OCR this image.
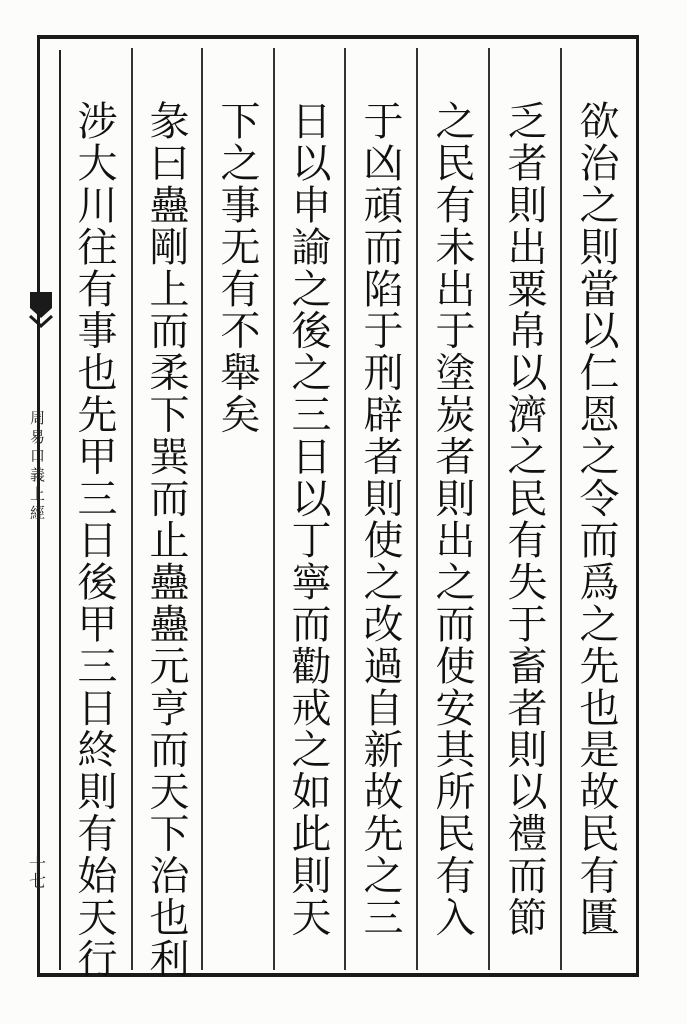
周易口義上經
十七	欲治之則當以仁恩之令而爲之先也是故民有匱
乏者則出粟帛以濟之民有失于畜者則以禮而節
之民有未出于塗炭者則出之而使安其所民有入
于凶頑而陷于刑辟者則使之改過自新故先之三
日以申諭之後之三日以丁寧而勸戒之如此則天
下之事无有不舉矣
彖曰蠱剛上而柔下巽而止蠱蠱元亨而天下治也利
涉大川往有事也先甲三日後甲三日終則有始天行
